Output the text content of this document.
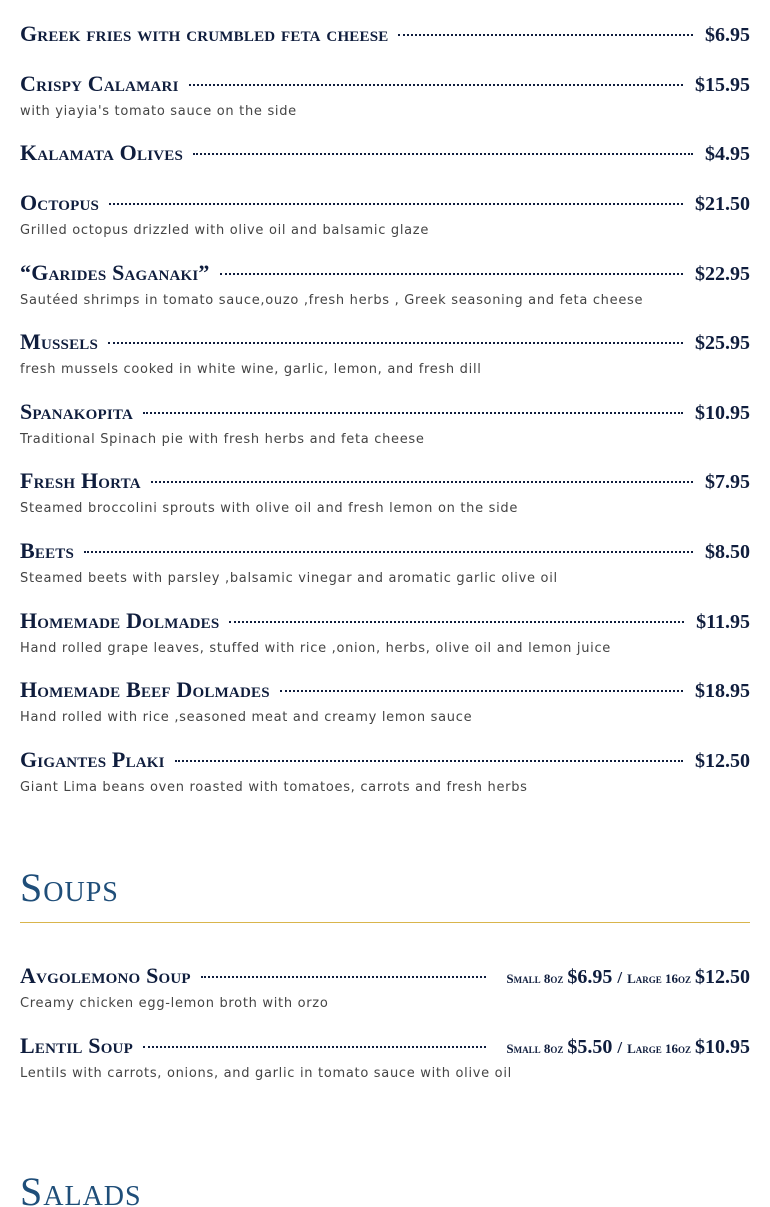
Greek fries with crumbled feta cheese	$6.95
Crispy Calamari	$15.95
with yiayia's tomato sauce on the side
Kalamata Olives	$4.95
Octopus	$21.50
Grilled octopus drizzled with olive oil and balsamic glaze
“Garides Saganaki”	$22.95
Sautéed shrimps in tomato sauce,ouzo ,fresh herbs , Greek seasoning and feta cheese
Mussels	$25.95
fresh mussels cooked in white wine, garlic, lemon, and fresh dill
Spanakopita	$10.95
Traditional Spinach pie with fresh herbs and feta cheese
Fresh Horta	$7.95
Steamed broccolini sprouts with olive oil and fresh lemon on the side
Beets	$8.50
Steamed beets with parsley ,balsamic vinegar and aromatic garlic olive oil
Homemade Dolmades	$11.95
Hand rolled grape leaves, stuffed with rice ,onion, herbs, olive oil and lemon juice
Homemade Beef Dolmades	$18.95
Hand rolled with rice ,seasoned meat and creamy lemon sauce
Gigantes Plaki	$12.50
Giant Lima beans oven roasted with tomatoes, carrots and fresh herbs
Soups
Avgolemono Soup	Small 8oz $6.95 / Large 16oz $12.50
Creamy chicken egg-lemon broth with orzo
Lentil Soup	Small 8oz $5.50 / Large 16oz $10.95
Lentils with carrots, onions, and garlic in tomato sauce with olive oil
Salads
